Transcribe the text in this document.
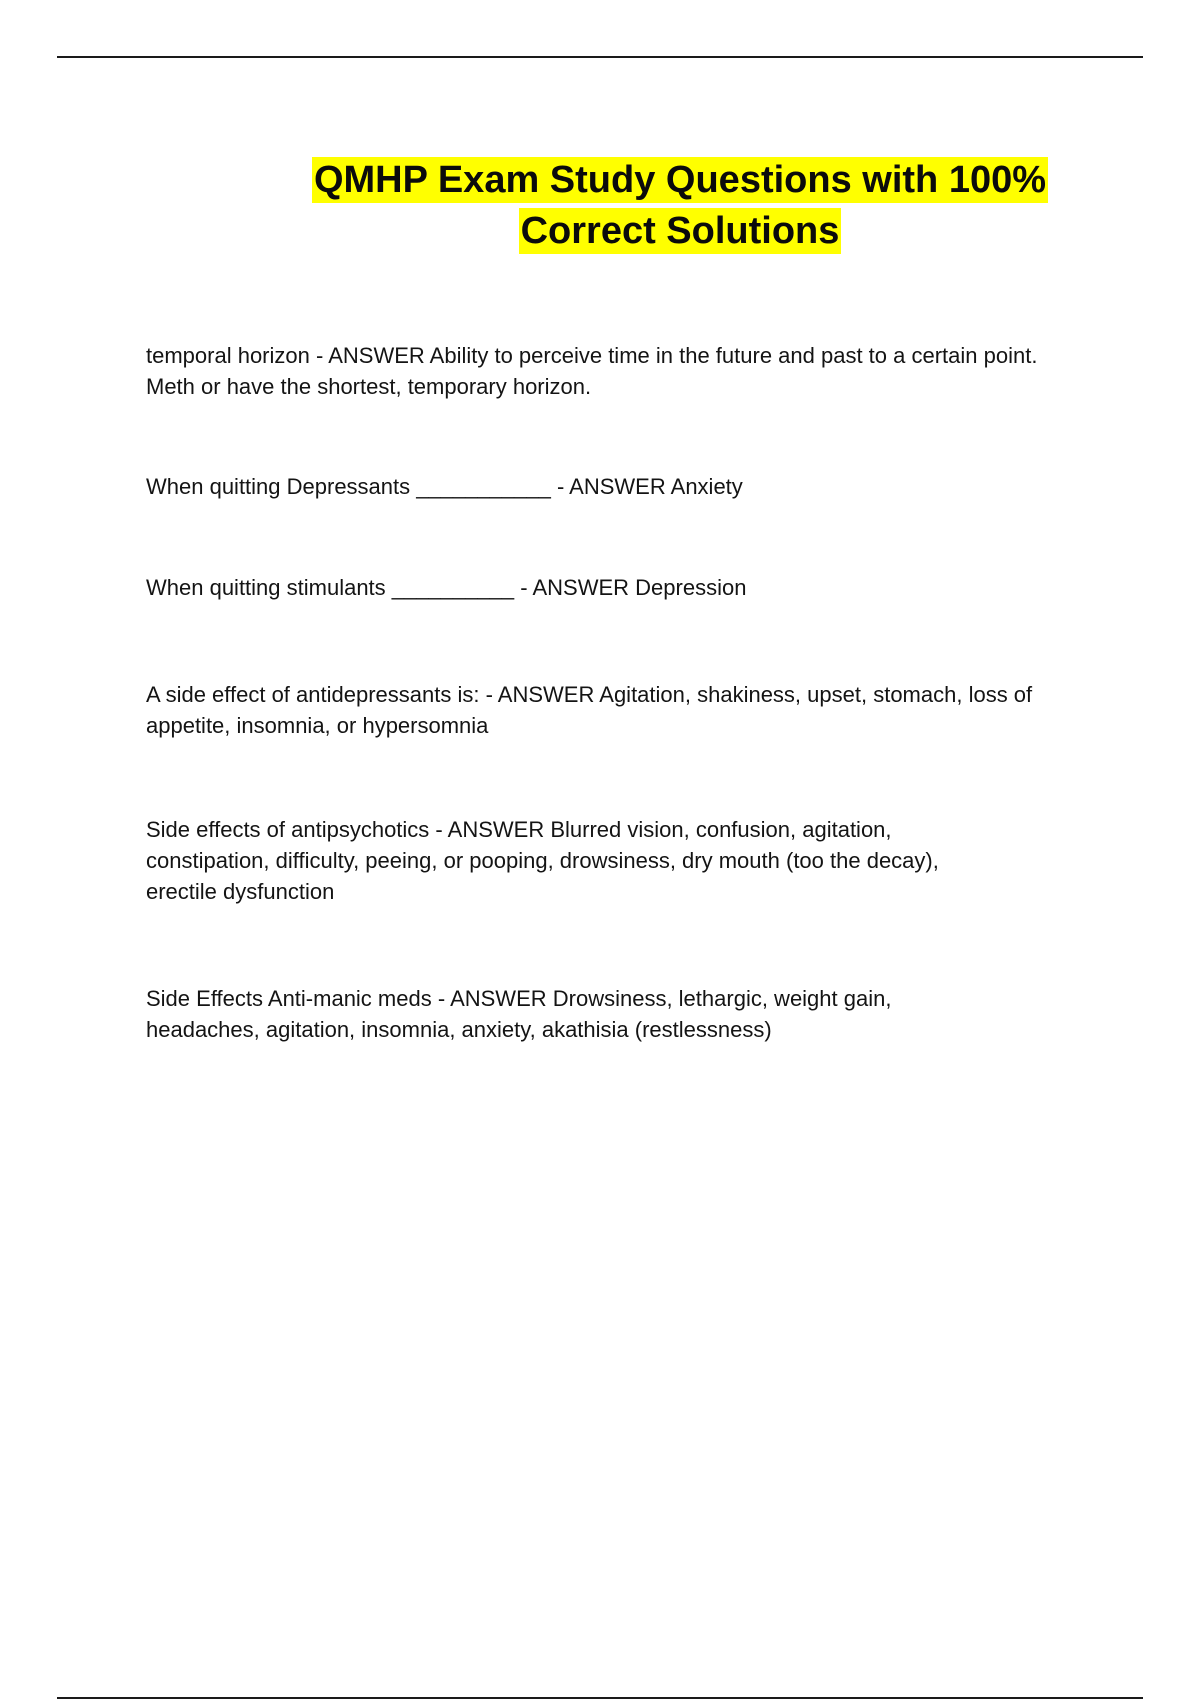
QMHP Exam Study Questions with 100%
Correct Solutions
temporal horizon - ANSWER Ability to perceive time in the future and past to a certain point. Meth or have the shortest, temporary horizon.
When quitting Depressants ___________ - ANSWER Anxiety
When quitting stimulants __________ - ANSWER Depression
A side effect of antidepressants is: - ANSWER Agitation, shakiness, upset, stomach, loss of appetite, insomnia, or hypersomnia
Side effects of antipsychotics - ANSWER Blurred vision, confusion, agitation, constipation, difficulty, peeing, or pooping, drowsiness, dry mouth (too the decay), erectile dysfunction
Side Effects Anti-manic meds - ANSWER Drowsiness, lethargic, weight gain, headaches, agitation, insomnia, anxiety, akathisia (restlessness)
